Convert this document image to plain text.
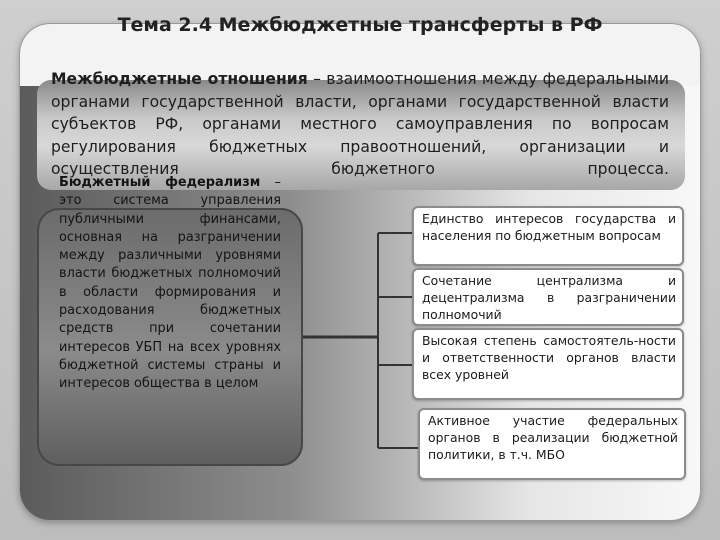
Тема 2.4 Межбюджетные трансферты в РФ

Межбюджетные отношения – взаимоотношения между федеральными органами государственной власти, органами государственной власти субъектов РФ, органами местного самоуправления по вопросам регулирования бюджетных правоотношений, организации и осуществления бюджетного процесса.

Бюджетный федерализм – это система управления публичными финансами, основная на разграничении между различными уровнями власти бюджетных полномочий в области формирования и расходования бюджетных средств при сочетании интересов УБП на всех уровнях бюджетной системы страны и интересов общества в целом

Единство интересов государства и населения по бюджетным вопросам
Сочетание централизма и децентрализма в разграничении полномочий
Высокая степень самостоятель-ности и ответственности органов власти всех уровней
Активное участие федеральных органов в реализации бюджетной политики, в т.ч. МБО
